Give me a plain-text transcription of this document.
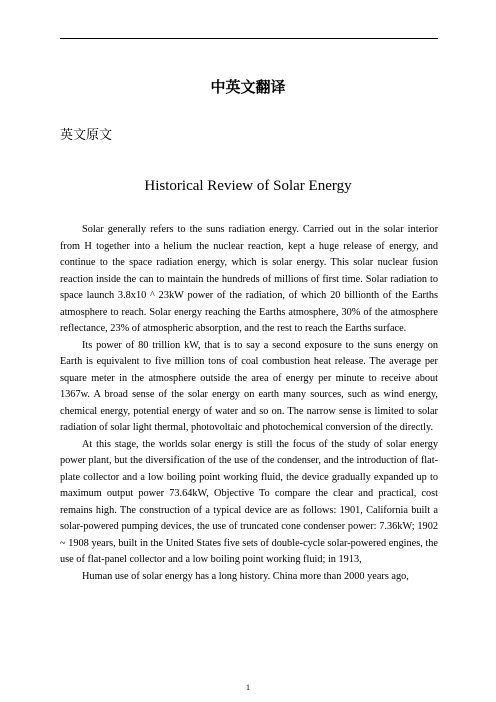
中英文翻译
英文原文
Historical Review of Solar Energy

Solar generally refers to the suns radiation energy. Carried out in the solar interior from H together into a helium the nuclear reaction, kept a huge release of energy, and continue to the space radiation energy, which is solar energy. This solar nuclear fusion reaction inside the can to maintain the hundreds of millions of first time. Solar radiation to space launch 3.8x10 ^ 23kW power of the radiation, of which 20 billionth of the Earths atmosphere to reach. Solar energy reaching the Earths atmosphere, 30% of the atmosphere reflectance, 23% of atmospheric absorption, and the rest to reach the Earths surface.

Its power of 80 trillion kW, that is to say a second exposure to the suns energy on Earth is equivalent to five million tons of coal combustion heat release. The average per square meter in the atmosphere outside the area of energy per minute to receive about 1367w. A broad sense of the solar energy on earth many sources, such as wind energy, chemical energy, potential energy of water and so on. The narrow sense is limited to solar radiation of solar light thermal, photovoltaic and photochemical conversion of the directly.

At this stage, the worlds solar energy is still the focus of the study of solar energy power plant, but the diversification of the use of the condenser, and the introduction of flat-plate collector and a low boiling point working fluid, the device gradually expanded up to maximum output power 73.64kW, Objective To compare the clear and practical, cost remains high. The construction of a typical device are as follows: 1901, California built a solar-powered pumping devices, the use of truncated cone condenser power: 7.36kW; 1902 ~ 1908 years, built in the United States five sets of double-cycle solar-powered engines, the use of flat-panel collector and a low boiling point working fluid; in 1913,

Human use of solar energy has a long history. China more than 2000 years ago,

1
